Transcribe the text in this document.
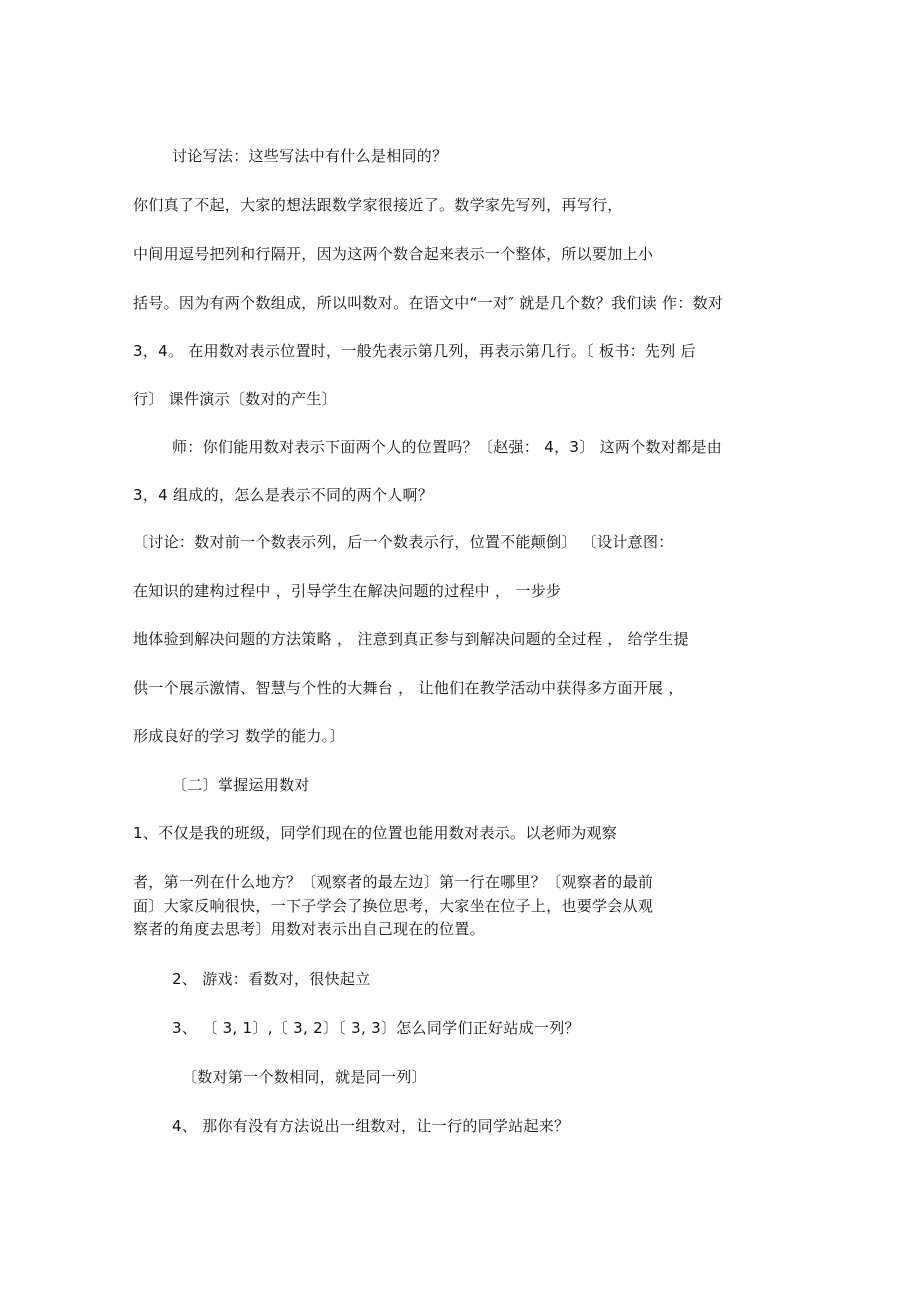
讨论写法：这些写法中有什么是相同的？
你们真了不起，大家的想法跟数学家很接近了。数学家先写列，再写行，
中间用逗号把列和行隔开，因为这两个数合起来表示一个整体，所以要加上小
括号。因为有两个数组成，所以叫数对。在语文中“一对″ 就是几个数？我们读 作：数对
3，4。 在用数对表示位置时，一般先表示第几列，再表示第几行。〔 板书：先列 后
行〕 课件演示〔数对的产生〕
师：你们能用数对表示下面两个人的位置吗？〔赵强： 4，3〕 这两个数对都是由
3，4 组成的，怎么是表示不同的两个人啊？
〔讨论：数对前一个数表示列，后一个数表示行，位置不能颠倒〕 〔设计意图：
在知识的建构过程中 ，引导学生在解决问题的过程中 ， 一步步
地体验到解决问题的方法策略 ， 注意到真正参与到解决问题的全过程 ， 给学生提
供一个展示激情、智慧与个性的大舞台 ， 让他们在教学活动中获得多方面开展 ，
形成良好的学习 数学的能力。〕
〔二〕掌握运用数对
1、不仅是我的班级，同学们现在的位置也能用数对表示。以老师为观察
者，第一列在什么地方？〔观察者的最左边〕第一行在哪里？〔观察者的最前
面〕大家反响很快，一下子学会了换位思考，大家坐在位子上，也要学会从观
察者的角度去思考〕用数对表示出自己现在的位置。
2、 游戏：看数对，很快起立
3、 〔 3, 1〕,〔 3, 2〕〔 3, 3〕怎么同学们正好站成一列？
〔数对第一个数相同，就是同一列〕
4、 那你有没有方法说出一组数对，让一行的同学站起来？
